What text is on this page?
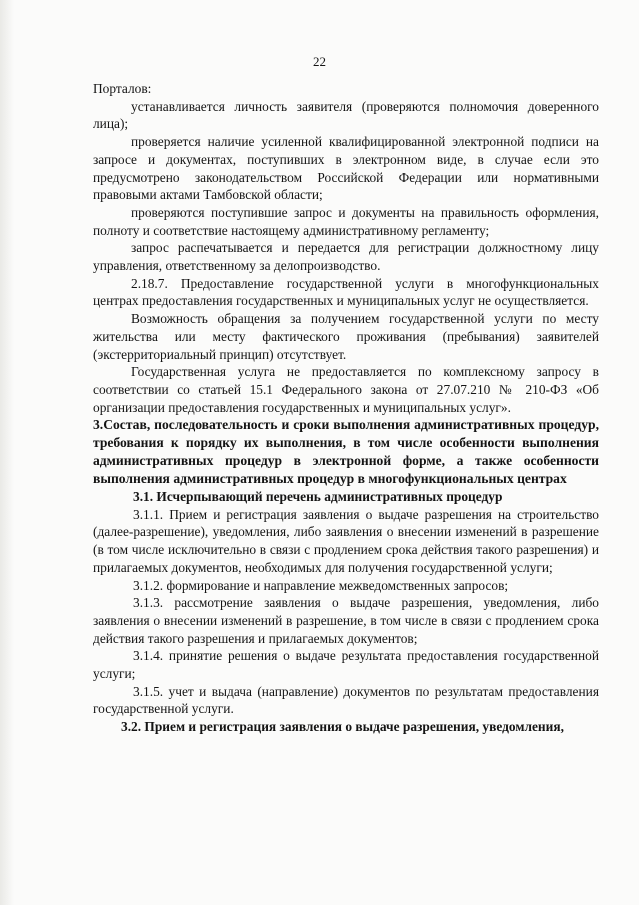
22

Порталов:

устанавливается личность заявителя (проверяются полномочия доверенного лица);

проверяется наличие усиленной квалифицированной электронной подписи на запросе и документах, поступивших в электронном виде, в случае если это предусмотрено законодательством Российской Федерации или нормативными правовыми актами Тамбовской области;

проверяются поступившие запрос и документы на правильность оформления, полноту и соответствие настоящему административному регламенту;

запрос распечатывается и передается для регистрации должностному лицу управления, ответственному за делопроизводство.

2.18.7. Предоставление государственной услуги в многофункциональных центрах предоставления государственных и муниципальных услуг не осуществляется.

Возможность обращения за получением государственной услуги по месту жительства или месту фактического проживания (пребывания) заявителей (экстерриториальный принцип) отсутствует.

Государственная услуга не предоставляется по комплексному запросу в соответствии со статьей 15.1 Федерального закона от 27.07.210 № 210-ФЗ «Об организации предоставления государственных и муниципальных услуг».

3.Состав, последовательность и сроки выполнения административных процедур, требования к порядку их выполнения, в том числе особенности выполнения административных процедур в электронной форме, а также особенности выполнения административных процедур в многофункциональных центрах

3.1. Исчерпывающий перечень административных процедур

3.1.1. Прием и регистрация заявления о выдаче разрешения на строительство (далее-разрешение), уведомления, либо заявления о внесении изменений в разрешение (в том числе исключительно в связи с продлением срока действия такого разрешения) и прилагаемых документов, необходимых для получения государственной услуги;

3.1.2. формирование и направление межведомственных запросов;

3.1.3. рассмотрение заявления о выдаче разрешения, уведомления, либо заявления о внесении изменений в разрешение, в том числе в связи с продлением срока действия такого разрешения и прилагаемых документов;

3.1.4. принятие решения о выдаче результата предоставления государственной услуги;

3.1.5. учет и выдача (направление) документов по результатам предоставления государственной услуги.

3.2. Прием и регистрация заявления о выдаче разрешения, уведомления,
